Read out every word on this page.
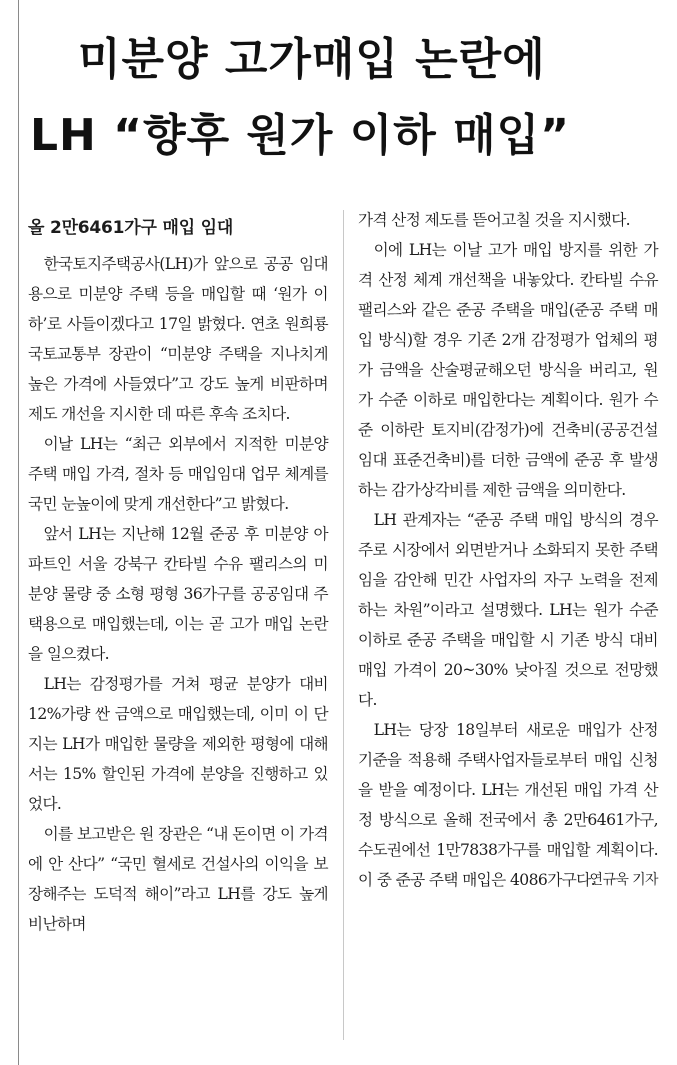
미분양 고가매입 논란에
LH “향후 원가 이하 매입”
올 2만6461가구 매입 임대

한국토지주택공사(LH)가 앞으로 공공 임대용으로 미분양 주택 등을 매입할 때 ‘원가 이하’로 사들이겠다고 17일 밝혔다. 연초 원희룡 국토교통부 장관이 “미분양 주택을 지나치게 높은 가격에 사들였다”고 강도 높게 비판하며 제도 개선을 지시한 데 따른 후속 조치다.

이날 LH는 “최근 외부에서 지적한 미분양 주택 매입 가격, 절차 등 매입임대 업무 체계를 국민 눈높이에 맞게 개선한다”고 밝혔다.

앞서 LH는 지난해 12월 준공 후 미분양 아파트인 서울 강북구 칸타빌 수유 팰리스의 미분양 물량 중 소형 평형 36가구를 공공임대 주택용으로 매입했는데, 이는 곧 고가 매입 논란을 일으켰다.

LH는 감정평가를 거쳐 평균 분양가 대비 12%가량 싼 금액으로 매입했는데, 이미 이 단지는 LH가 매입한 물량을 제외한 평형에 대해서는 15% 할인된 가격에 분양을 진행하고 있었다.

이를 보고받은 원 장관은 “내 돈이면 이 가격에 안 산다” “국민 혈세로 건설사의 이익을 보장해주는 도덕적 해이”라고 LH를 강도 높게 비난하며

가격 산정 제도를 뜯어고칠 것을 지시했다.

이에 LH는 이날 고가 매입 방지를 위한 가격 산정 체계 개선책을 내놓았다. 칸타빌 수유 팰리스와 같은 준공 주택을 매입(준공 주택 매입 방식)할 경우 기존 2개 감정평가 업체의 평가 금액을 산술평균해오던 방식을 버리고, 원가 수준 이하로 매입한다는 계획이다. 원가 수준 이하란 토지비(감정가)에 건축비(공공건설임대 표준건축비)를 더한 금액에 준공 후 발생하는 감가상각비를 제한 금액을 의미한다.

LH 관계자는 “준공 주택 매입 방식의 경우 주로 시장에서 외면받거나 소화되지 못한 주택임을 감안해 민간 사업자의 자구 노력을 전제하는 차원”이라고 설명했다. LH는 원가 수준 이하로 준공 주택을 매입할 시 기존 방식 대비 매입 가격이 20~30% 낮아질 것으로 전망했다.

LH는 당장 18일부터 새로운 매입가 산정 기준을 적용해 주택사업자들로부터 매입 신청을 받을 예정이다. LH는 개선된 매입 가격 산정 방식으로 올해 전국에서 총 2만6461가구, 수도권에선 1만7838가구를 매입할 계획이다. 이 중 준공 주택 매입은 4086가구다.

연규욱 기자
